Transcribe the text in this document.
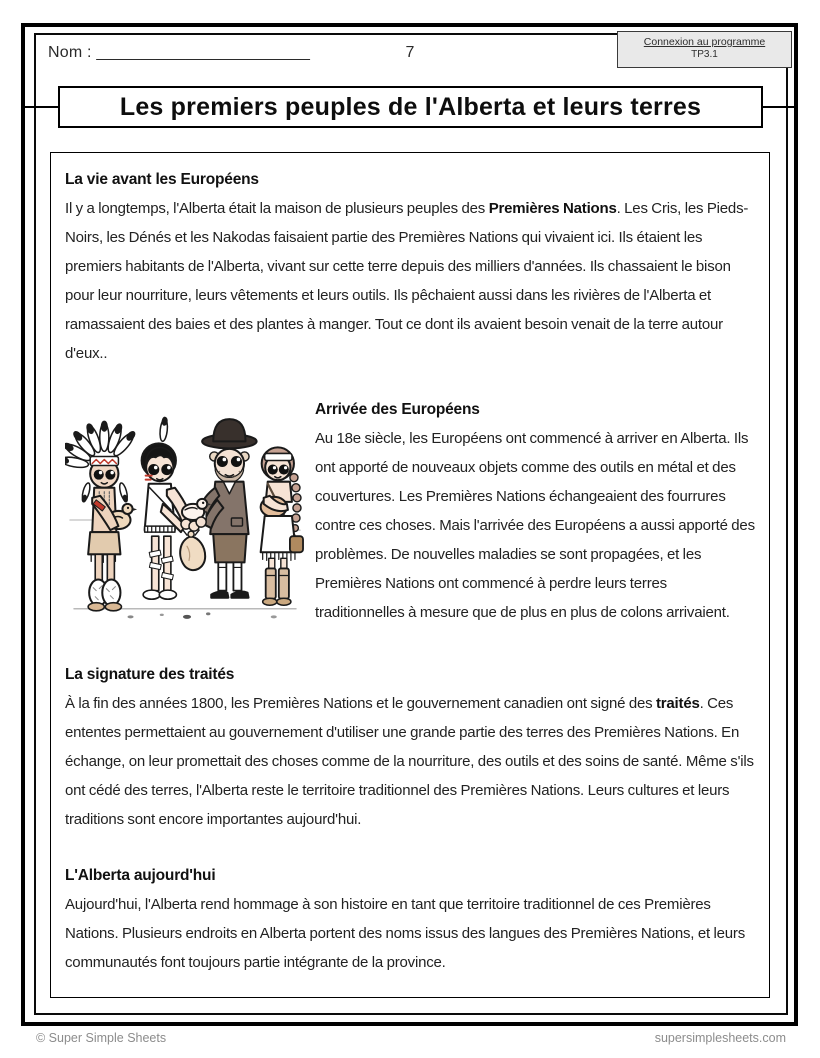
Nom : ________________________	7
Connexion au programme
TP3.1
Les premiers peuples de l'Alberta et leurs terres
La vie avant les Européens

Il y a longtemps, l'Alberta était la maison de plusieurs peuples des Premières Nations. Les Cris, les Pieds-Noirs, les Dénés et les Nakodas faisaient partie des Premières Nations qui vivaient ici. Ils étaient les premiers habitants de l'Alberta, vivant sur cette terre depuis des milliers d'années. Ils chassaient le bison pour leur nourriture, leurs vêtements et leurs outils. Ils pêchaient aussi dans les rivières de l'Alberta et ramassaient des baies et des plantes à manger. Tout ce dont ils avaient besoin venait de la terre autour d'eux..

Arrivée des Européens

Au 18e siècle, les Européens ont commencé à arriver en Alberta. Ils ont apporté de nouveaux objets comme des outils en métal et des couvertures. Les Premières Nations échangeaient des fourrures contre ces choses. Mais l'arrivée des Européens a aussi apporté des problèmes. De nouvelles maladies se sont propagées, et les Premières Nations ont commencé à perdre leurs terres traditionnelles à mesure que de plus en plus de colons arrivaient.

La signature des traités

À la fin des années 1800, les Premières Nations et le gouvernement canadien ont signé des traités. Ces ententes permettaient au gouvernement d'utiliser une grande partie des terres des Premières Nations. En échange, on leur promettait des choses comme de la nourriture, des outils et des soins de santé. Même s'ils ont cédé des terres, l'Alberta reste le territoire traditionnel des Premières Nations. Leurs cultures et leurs traditions sont encore importantes aujourd'hui.

L'Alberta aujourd'hui

Aujourd'hui, l'Alberta rend hommage à son histoire en tant que territoire traditionnel de ces Premières Nations. Plusieurs endroits en Alberta portent des noms issus des langues des Premières Nations, et leurs communautés font toujours partie intégrante de la province.

© Super Simple Sheets	supersimplesheets.com
